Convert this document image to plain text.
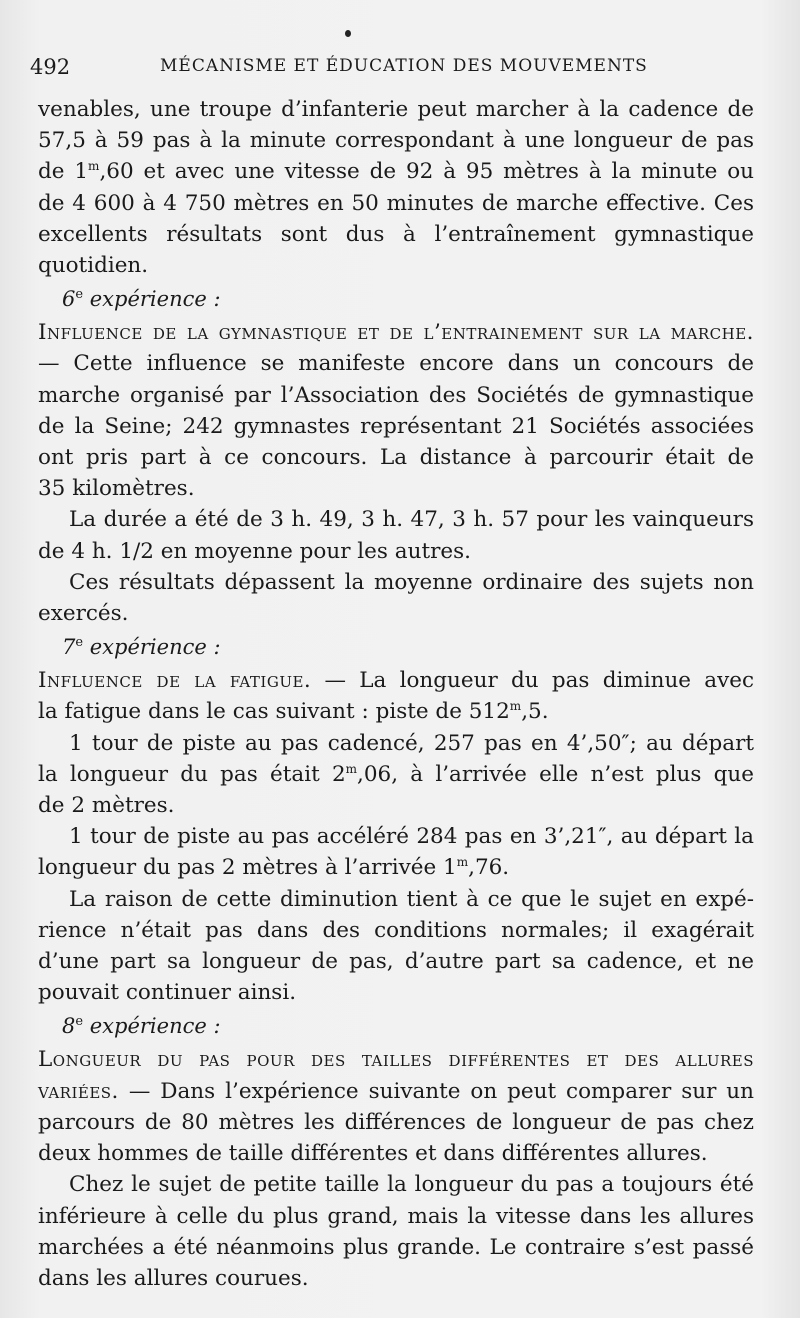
492	MÉCANISME ET ÉDUCATION DES MOUVEMENTS

venables, une troupe d’infanterie peut marcher à la cadence de

57,5 à 59 pas à la minute correspondant à une longueur de pas

de 1$^m$,60 et avec une vitesse de 92 à 95 mètres à la minute ou

de 4 600 à 4 750 mètres en 50 minutes de marche effective. Ces

excellents résultats sont dus à l’entraînement gymnastique

quotidien.

6e expérience :

Influence de la gymnastique et de l’entrainement sur la marche.

— Cette influence se manifeste encore dans un concours de

marche organisé par l’Association des Sociétés de gymnastique

de la Seine; 242 gymnastes représentant 21 Sociétés associées

ont pris part à ce concours. La distance à parcourir était de

35 kilomètres.

La durée a été de 3 h. 49, 3 h. 47, 3 h. 57 pour les vainqueurs

de 4 h. 1/2 en moyenne pour les autres.

Ces résultats dépassent la moyenne ordinaire des sujets non

exercés.

7e expérience :

Influence de la fatigue. — La longueur du pas diminue avec

la fatigue dans le cas suivant : piste de 512$^m$,5.

1 tour de piste au pas cadencé, 257 pas en 4’,50″; au départ

la longueur du pas était 2$^m$,06, à l’arrivée elle n’est plus que

de 2 mètres.

1 tour de piste au pas accéléré 284 pas en 3’,21″, au départ la

longueur du pas 2 mètres à l’arrivée 1$^m$,76.

La raison de cette diminution tient à ce que le sujet en expé-

rience n’était pas dans des conditions normales; il exagérait

d’une part sa longueur de pas, d’autre part sa cadence, et ne

pouvait continuer ainsi.

8e expérience :

Longueur du pas pour des tailles différentes et des allures

variées. — Dans l’expérience suivante on peut comparer sur un

parcours de 80 mètres les différences de longueur de pas chez

deux hommes de taille différentes et dans différentes allures.

Chez le sujet de petite taille la longueur du pas a toujours été

inférieure à celle du plus grand, mais la vitesse dans les allures

marchées a été néanmoins plus grande. Le contraire s’est passé

dans les allures courues.
